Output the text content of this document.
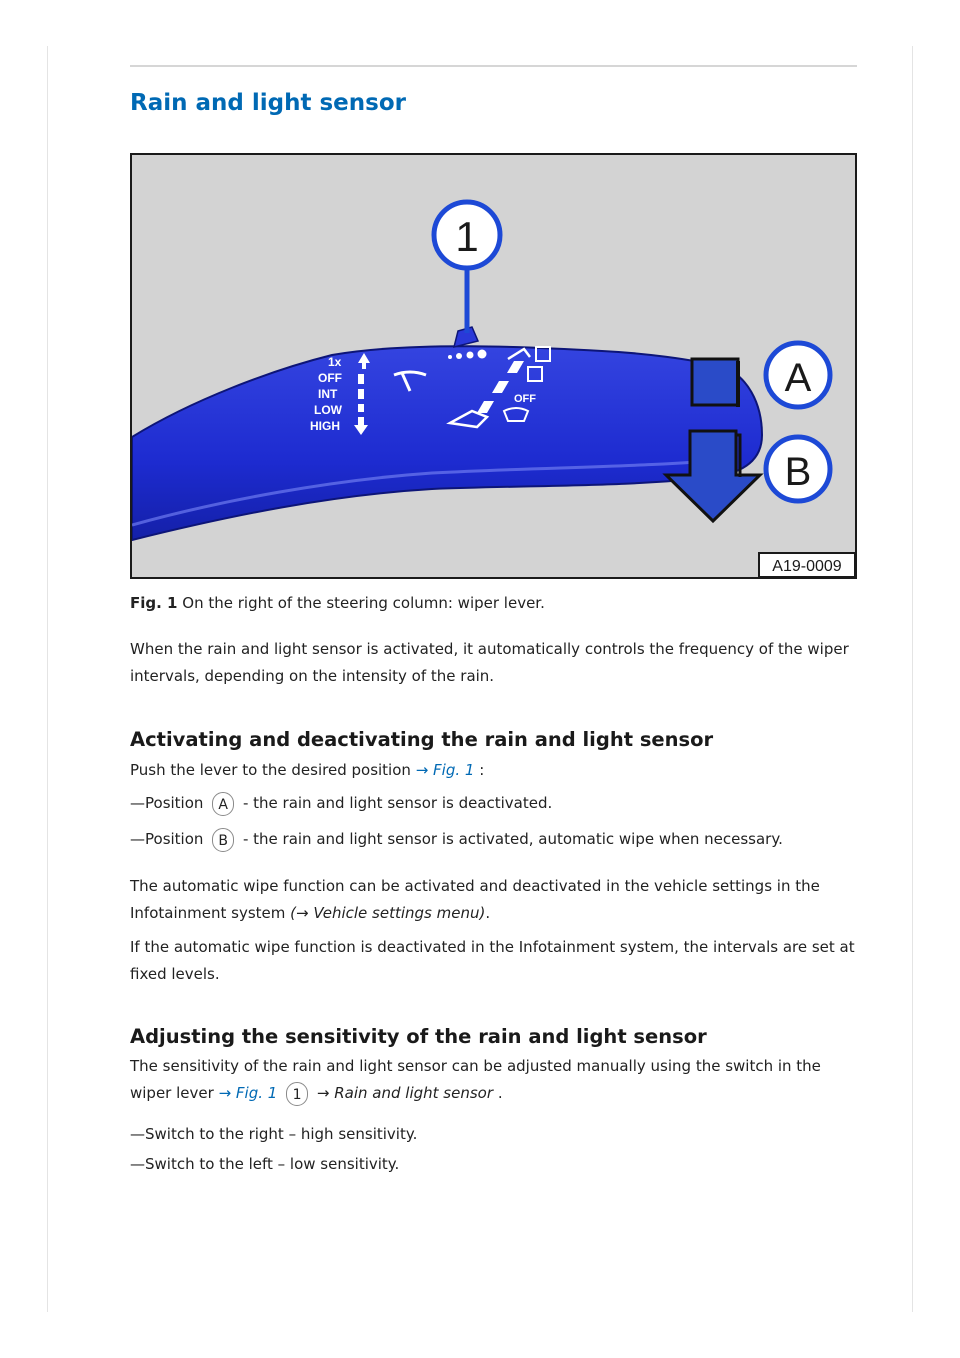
Rain and light sensor
1x
OFF
INT
LOW
HIGH
OFF
1
A
B
A19-0009
Fig. 1 On the right of the steering column: wiper lever.

When the rain and light sensor is activated, it automatically controls the frequency of the wiper

intervals, depending on the intensity of the rain.

Activating and deactivating the rain and light sensor
Push the lever to the desired position → Fig. 1 :
—Position A - the rain and light sensor is deactivated.
—Position B - the rain and light sensor is activated, automatic wipe when necessary.

The automatic wipe function can be activated and deactivated in the vehicle settings in the

Infotainment system (→ Vehicle settings menu).

If the automatic wipe function is deactivated in the Infotainment system, the intervals are set at

fixed levels.

Adjusting the sensitivity of the rain and light sensor

The sensitivity of the rain and light sensor can be adjusted manually using the switch in the

wiper lever → Fig. 1 1 → Rain and light sensor .

—Switch to the right – high sensitivity.
—Switch to the left – low sensitivity.
